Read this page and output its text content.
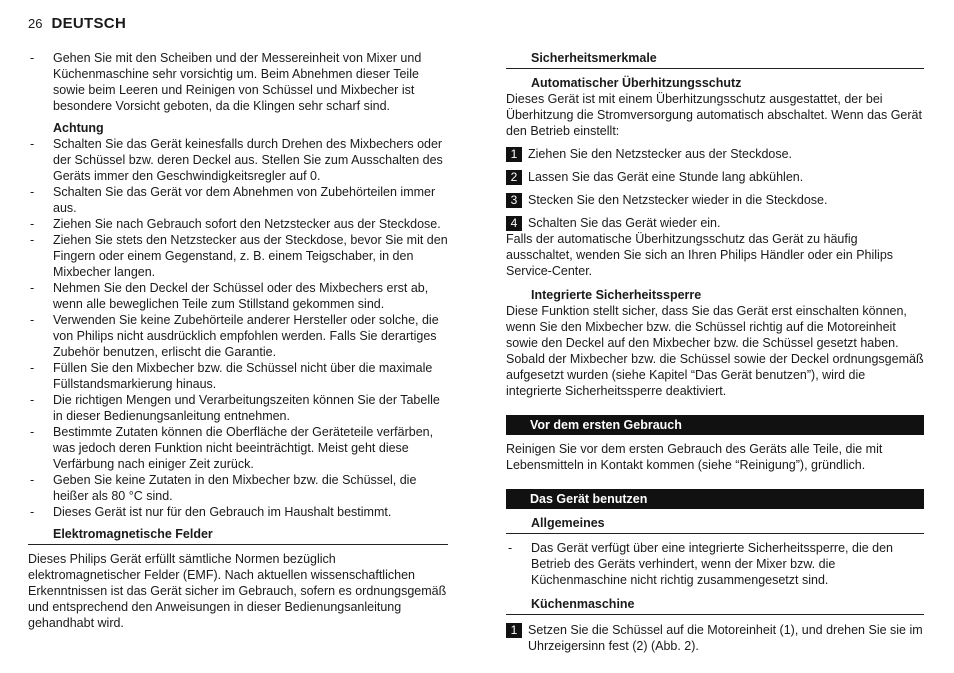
26 DEUTSCH
- Gehen Sie mit den Scheiben und der Messereinheit von Mixer und Küchenmaschine sehr vorsichtig um. Beim Abnehmen dieser Teile sowie beim Leeren und Reinigen von Schüssel und Mixbecher ist besondere Vorsicht geboten, da die Klingen sehr scharf sind.
Achtung
- Schalten Sie das Gerät keinesfalls durch Drehen des Mixbechers oder der Schüssel bzw. deren Deckel aus. Stellen Sie zum Ausschalten des Geräts immer den Geschwindigkeitsregler auf 0.
- Schalten Sie das Gerät vor dem Abnehmen von Zubehörteilen immer aus.
- Ziehen Sie nach Gebrauch sofort den Netzstecker aus der Steckdose.
- Ziehen Sie stets den Netzstecker aus der Steckdose, bevor Sie mit den Fingern oder einem Gegenstand, z. B. einem Teigschaber, in den Mixbecher langen.
- Nehmen Sie den Deckel der Schüssel oder des Mixbechers erst ab, wenn alle beweglichen Teile zum Stillstand gekommen sind.
- Verwenden Sie keine Zubehörteile anderer Hersteller oder solche, die von Philips nicht ausdrücklich empfohlen werden. Falls Sie derartiges Zubehör benutzen, erlischt die Garantie.
- Füllen Sie den Mixbecher bzw. die Schüssel nicht über die maximale Füllstandsmarkierung hinaus.
- Die richtigen Mengen und Verarbeitungszeiten können Sie der Tabelle in dieser Bedienungsanleitung entnehmen.
- Bestimmte Zutaten können die Oberfläche der Geräteteile verfärben, was jedoch deren Funktion nicht beeinträchtigt. Meist geht diese Verfärbung nach einiger Zeit zurück.
- Geben Sie keine Zutaten in den Mixbecher bzw. die Schüssel, die heißer als 80 °C sind.
- Dieses Gerät ist nur für den Gebrauch im Haushalt bestimmt.
Elektromagnetische Felder

Dieses Philips Gerät erfüllt sämtliche Normen bezüglich elektromagnetischer Felder (EMF). Nach aktuellen wissenschaftlichen Erkenntnissen ist das Gerät sicher im Gebrauch, sofern es ordnungsgemäß und entsprechend den Anweisungen in dieser Bedienungsanleitung gehandhabt wird.

Sicherheitsmerkmale
Automatischer Überhitzungsschutz

Dieses Gerät ist mit einem Überhitzungsschutz ausgestattet, der bei Überhitzung die Stromversorgung automatisch abschaltet. Wenn das Gerät den Betrieb einstellt:

1 Ziehen Sie den Netzstecker aus der Steckdose.
2 Lassen Sie das Gerät eine Stunde lang abkühlen.
3 Stecken Sie den Netzstecker wieder in die Steckdose.
4 Schalten Sie das Gerät wieder ein.

Falls der automatische Überhitzungsschutz das Gerät zu häufig ausschaltet, wenden Sie sich an Ihren Philips Händler oder ein Philips Service-Center.

Integrierte Sicherheitssperre

Diese Funktion stellt sicher, dass Sie das Gerät erst einschalten können, wenn Sie den Mixbecher bzw. die Schüssel richtig auf die Motoreinheit sowie den Deckel auf den Mixbecher bzw. die Schüssel gesetzt haben. Sobald der Mixbecher bzw. die Schüssel sowie der Deckel ordnungsgemäß aufgesetzt wurden (siehe Kapitel “Das Gerät benutzen”), wird die integrierte Sicherheitssperre deaktiviert.

Vor dem ersten Gebrauch

Reinigen Sie vor dem ersten Gebrauch des Geräts alle Teile, die mit Lebensmitteln in Kontakt kommen (siehe “Reinigung”), gründlich.

Das Gerät benutzen
Allgemeines
- Das Gerät verfügt über eine integrierte Sicherheitssperre, die den Betrieb des Geräts verhindert, wenn der Mixer bzw. die Küchenmaschine nicht richtig zusammengesetzt sind.
Küchenmaschine
1 Setzen Sie die Schüssel auf die Motoreinheit (1), und drehen Sie sie im Uhrzeigersinn fest (2) (Abb. 2).
